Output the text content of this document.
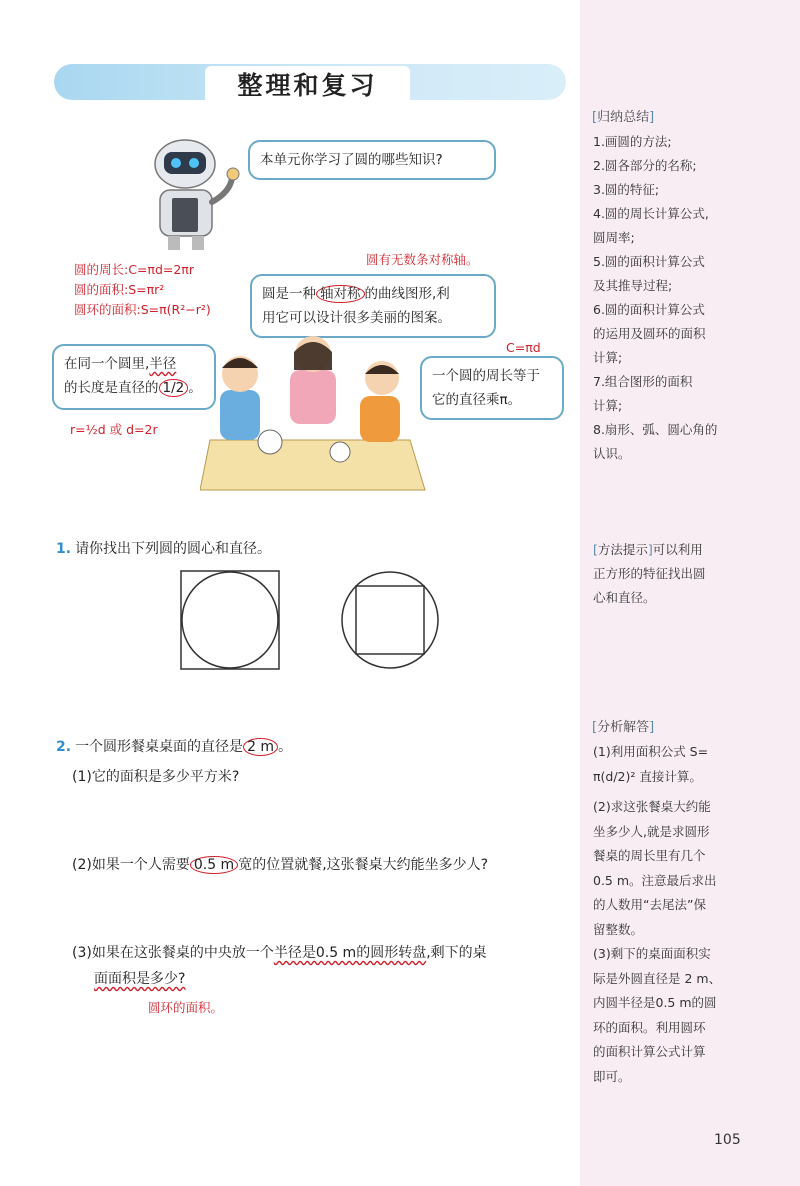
整理和复习
本单元你学习了圆的哪些知识?
圆的周长:C=πd=2πr
圆的面积:S=πr²
圆环的面积:S=π(R²−r²)
圆有无数条对称轴。
圆是一种 轴对称 的曲线图形,利
用它可以设计很多美丽的图案。
在同一个圆里,半径
的长度是直径的 1/2 。
r=½d 或 d=2r
C=πd
一个圆的周长等于
它的直径乘π。
1. 请你找出下列圆的圆心和直径。
2. 一个圆形餐桌桌面的直径是 2 m 。
(1)它的面积是多少平方米?
(2)如果一个人需要 0.5 m 宽的位置就餐,这张餐桌大约能坐多少人?
(3)如果在这张餐桌的中央放一个半径是0.5 m的圆形转盘,剩下的桌
面面积是多少?
圆环的面积。
[归纳总结]
1.画圆的方法;
2.圆各部分的名称;
3.圆的特征;
4.圆的周长计算公式,
圆周率;
5.圆的面积计算公式
及其推导过程;
6.圆的面积计算公式
的运用及圆环的面积
计算;
7.组合图形的面积
计算;
8.扇形、弧、圆心角的
认识。
[方法提示]可以利用
正方形的特征找出圆
心和直径。
[分析解答]
(1)利用面积公式 S=
π(d/2)² 直接计算。
(2)求这张餐桌大约能
坐多少人,就是求圆形
餐桌的周长里有几个
0.5 m。注意最后求出
的人数用“去尾法”保
留整数。
(3)剩下的桌面面积实
际是外圆直径是 2 m、
内圆半径是0.5 m的圆
环的面积。利用圆环
的面积计算公式计算
即可。
105
